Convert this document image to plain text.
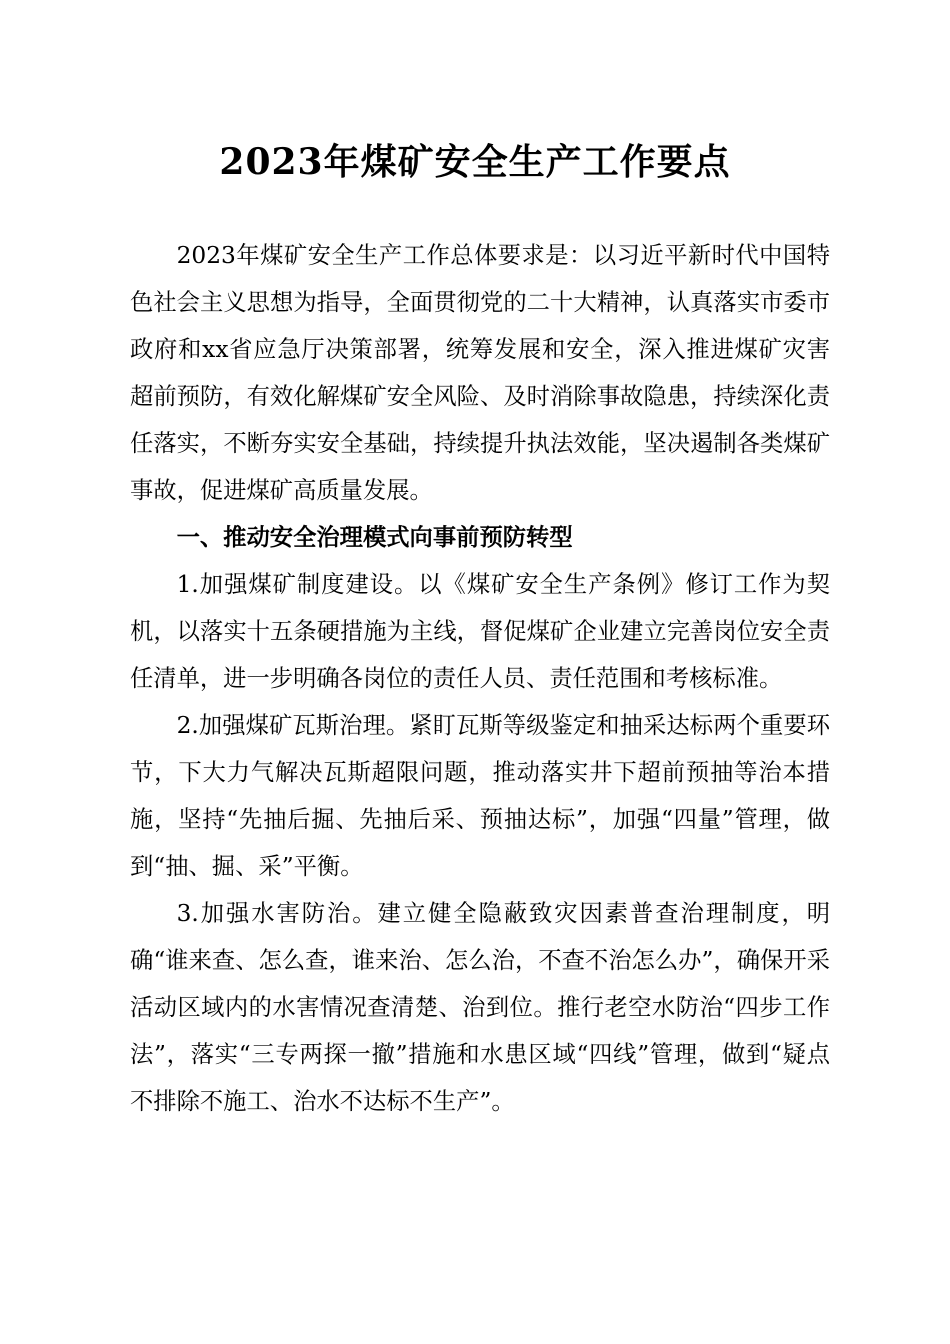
2023年煤矿安全生产工作要点

2023年煤矿安全生产工作总体要求是：以习近平新时代中国特色社会主义思想为指导，全面贯彻党的二十大精神，认真落实市委市政府和xx省应急厅决策部署，统筹发展和安全，深入推进煤矿灾害超前预防，有效化解煤矿安全风险、及时消除事故隐患，持续深化责任落实，不断夯实安全基础，持续提升执法效能，坚决遏制各类煤矿事故，促进煤矿高质量发展。

一、推动安全治理模式向事前预防转型

1.加强煤矿制度建设。以《煤矿安全生产条例》修订工作为契机，以落实十五条硬措施为主线，督促煤矿企业建立完善岗位安全责任清单，进一步明确各岗位的责任人员、责任范围和考核标准。

2.加强煤矿瓦斯治理。紧盯瓦斯等级鉴定和抽采达标两个重要环节，下大力气解决瓦斯超限问题，推动落实井下超前预抽等治本措施，坚持“先抽后掘、先抽后采、预抽达标”，加强“四量”管理，做到“抽、掘、采”平衡。

3.加强水害防治。建立健全隐蔽致灾因素普查治理制度，明确“谁来查、怎么查，谁来治、怎么治，不查不治怎么办”，确保开采活动区域内的水害情况查清楚、治到位。推行老空水防治“四步工作法”，落实“三专两探一撤”措施和水患区域“四线”管理，做到“疑点不排除不施工、治水不达标不生产”。
